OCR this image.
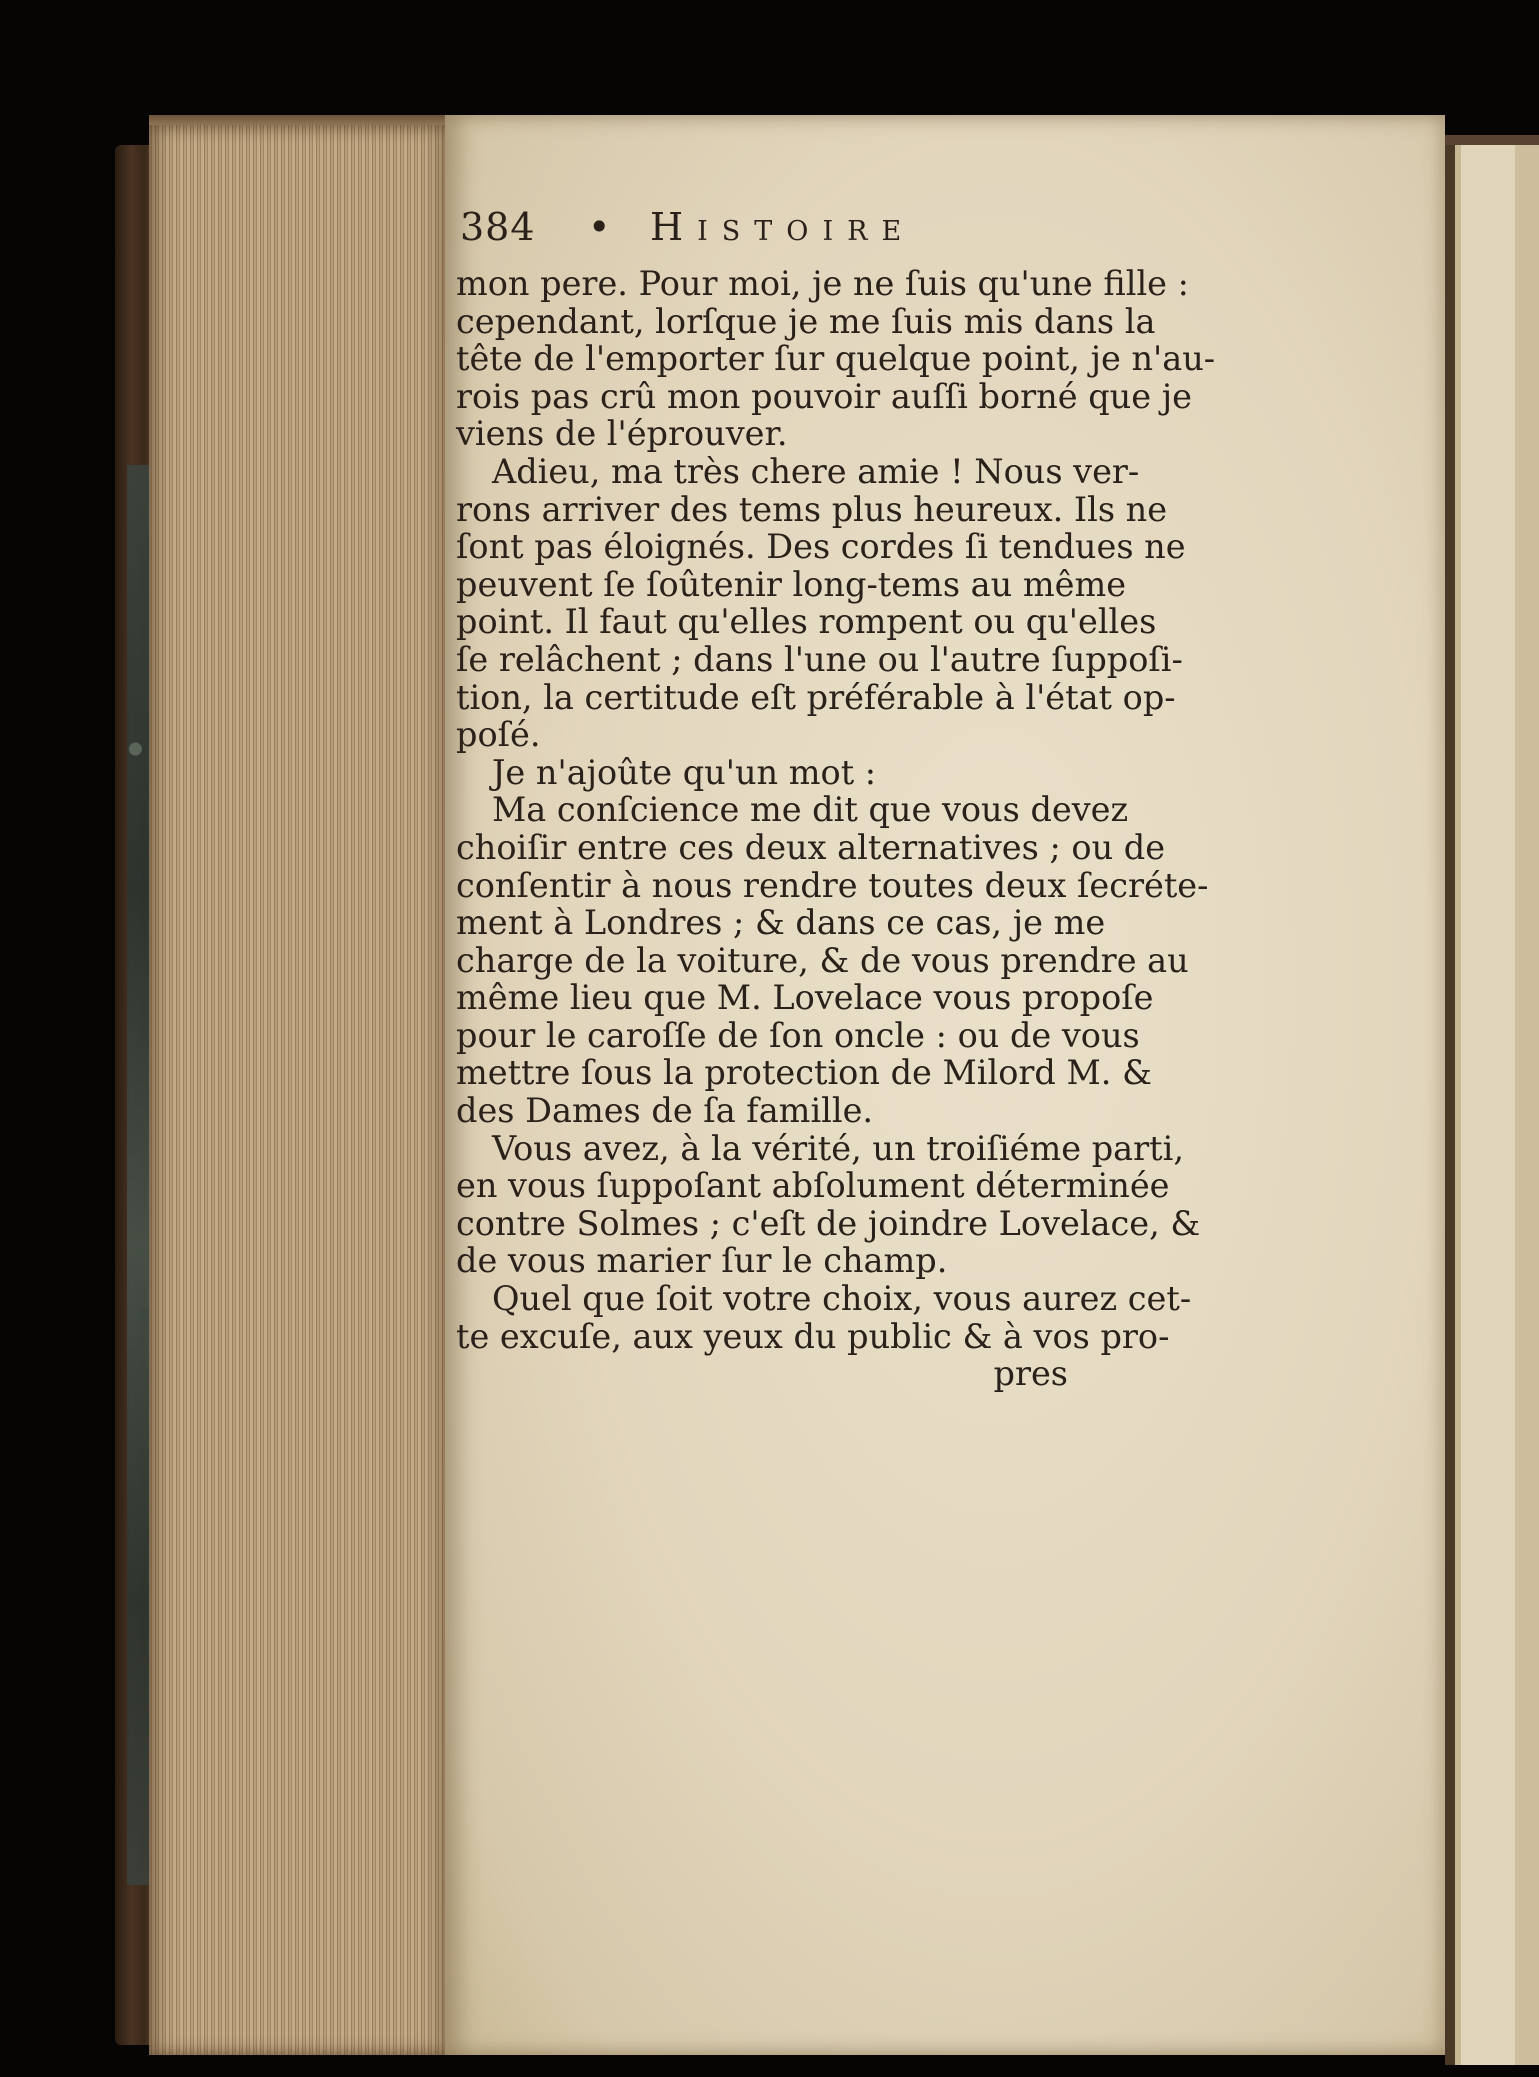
384 • Histoire

mon pere. Pour moi, je ne ſuis qu'une fille :
cependant, lorſque je me ſuis mis dans la
tête de l'emporter ſur quelque point, je n'au-
rois pas crû mon pouvoir auſſi borné que je
viens de l'éprouver.

Adieu, ma très chere amie ! Nous ver-
rons arriver des tems plus heureux. Ils ne
ſont pas éloignés. Des cordes ſi tendues ne
peuvent ſe ſoûtenir long-tems au même
point. Il faut qu'elles rompent ou qu'elles
ſe relâchent ; dans l'une ou l'autre ſuppoſi-
tion, la certitude eſt préférable à l'état op-
poſé.

Je n'ajoûte qu'un mot :

Ma conſcience me dit que vous devez
choiſir entre ces deux alternatives ; ou de
conſentir à nous rendre toutes deux ſecréte-
ment à Londres ; & dans ce cas, je me
charge de la voiture, & de vous prendre au
même lieu que M. Lovelace vous propoſe
pour le caroſſe de ſon oncle : ou de vous
mettre ſous la protection de Milord M. &
des Dames de ſa famille.

Vous avez, à la vérité, un troiſiéme parti,
en vous ſuppoſant abſolument déterminée
contre Solmes ; c'eſt de joindre Lovelace, &
de vous marier ſur le champ.

Quel que ſoit votre choix, vous aurez cet-
te excuſe, aux yeux du public & à vos pro-

pres
